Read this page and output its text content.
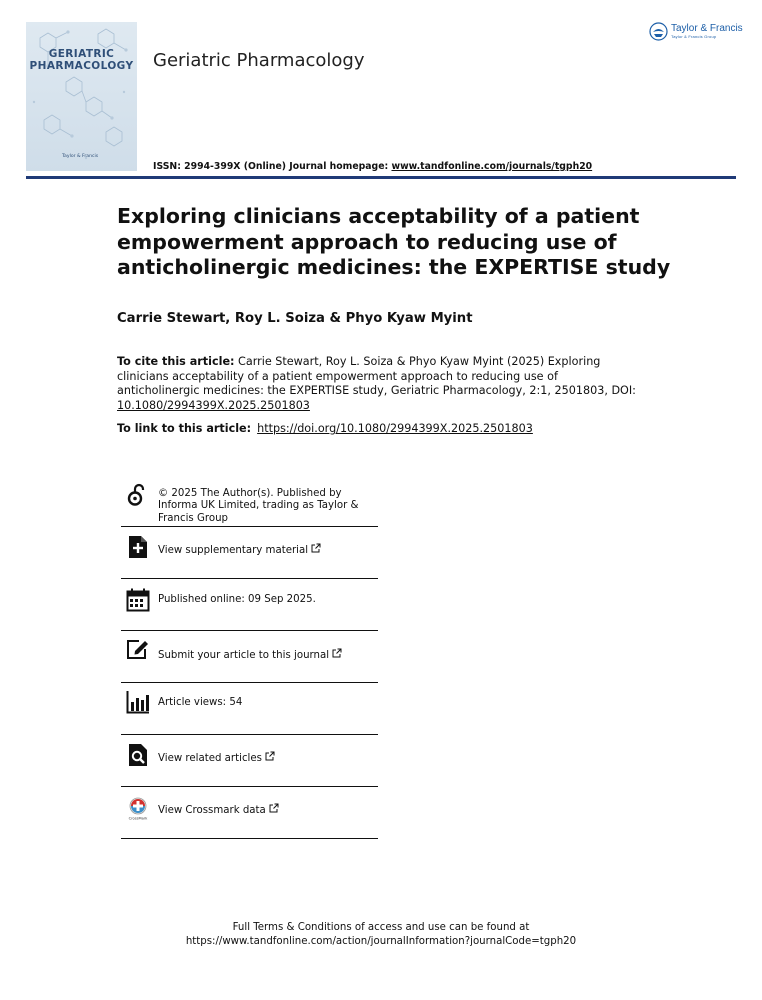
GERIATRIC
PHARMACOLOGY
Taylor & Francis
Geriatric Pharmacology
Taylor & Francis
Taylor & Francis Group
ISSN: 2994-399X (Online) Journal homepage: www.tandfonline.com/journals/tgph20
Exploring clinicians acceptability of a patient empowerment approach to reducing use of anticholinergic medicines: the EXPERTISE study
Carrie Stewart, Roy L. Soiza & Phyo Kyaw Myint
To cite this article: Carrie Stewart, Roy L. Soiza & Phyo Kyaw Myint (2025) Exploring clinicians acceptability of a patient empowerment approach to reducing use of anticholinergic medicines: the EXPERTISE study, Geriatric Pharmacology, 2:1, 2501803, DOI: 10.1080/2994399X.2025.2501803
To link to this article: https://doi.org/10.1080/2994399X.2025.2501803
© 2025 The Author(s). Published by Informa UK Limited, trading as Taylor & Francis Group
View supplementary material
Published online: 09 Sep 2025.
Submit your article to this journal
Article views: 54
View related articles
CrossMark
View Crossmark data
Full Terms & Conditions of access and use can be found at
https://www.tandfonline.com/action/journalInformation?journalCode=tgph20
